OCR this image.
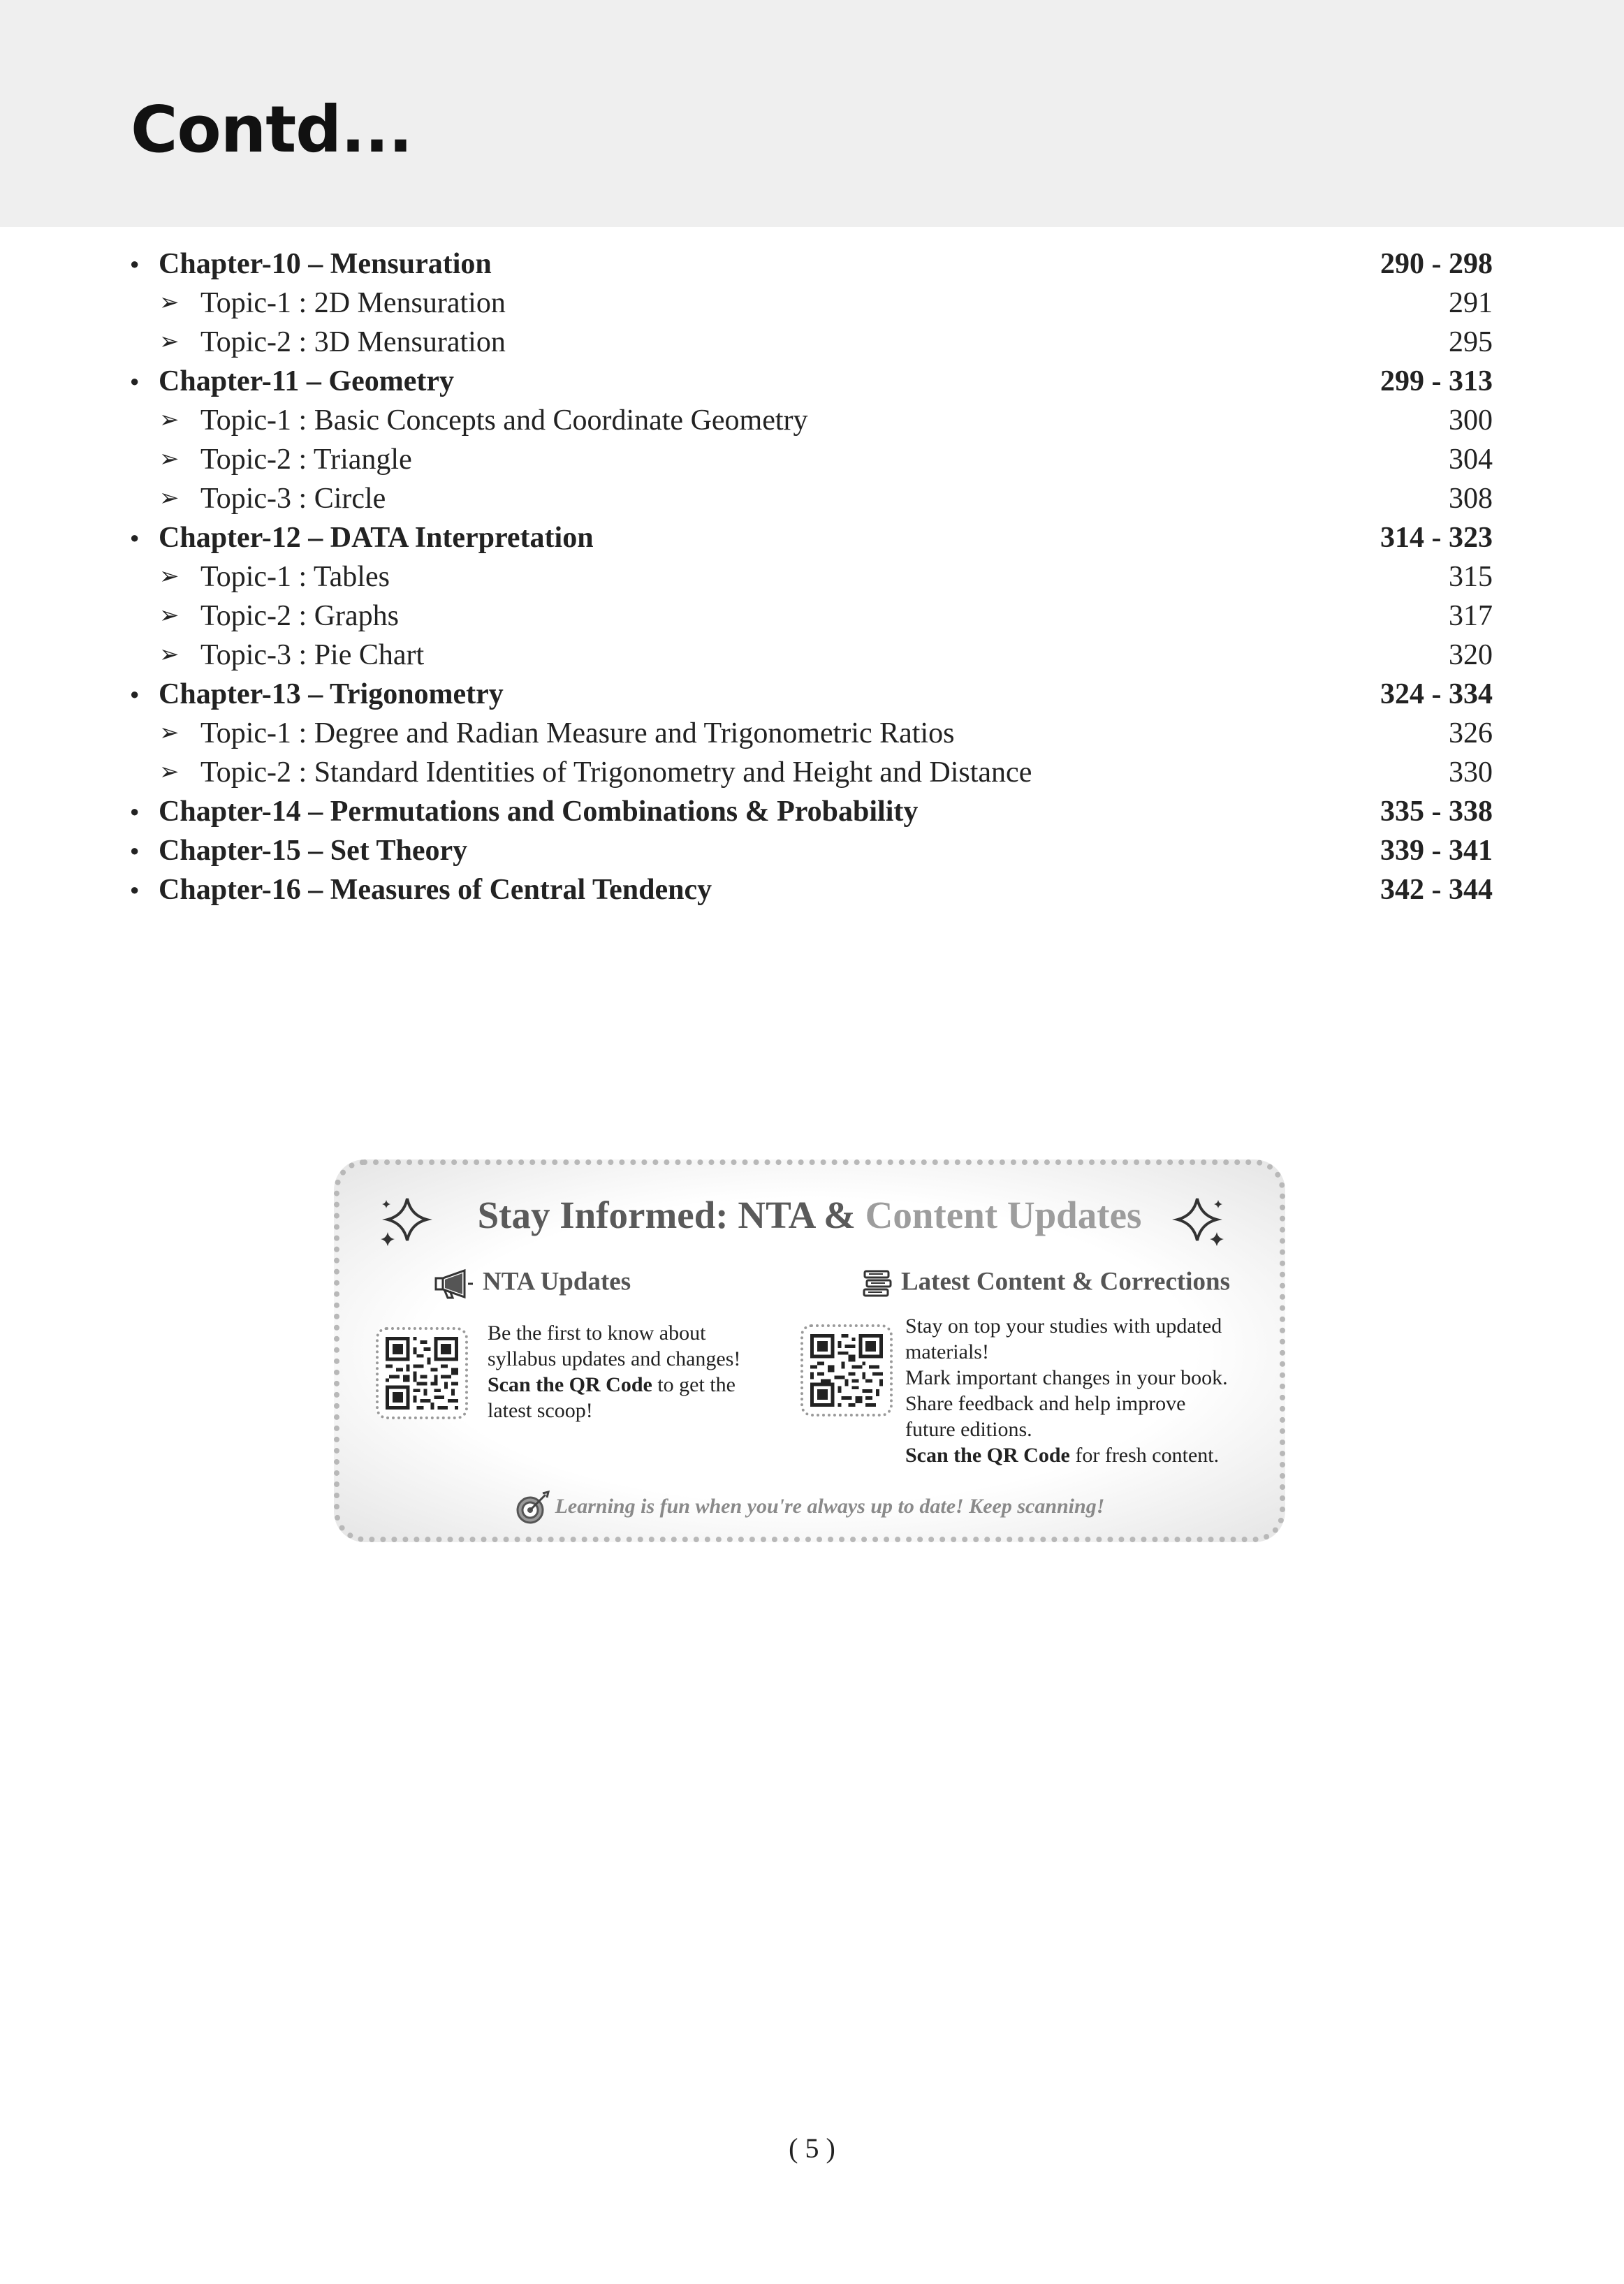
Contd...
● Chapter-10 – Mensuration	290 - 298
➢ Topic-1 : 2D Mensuration	291
➢ Topic-2 : 3D Mensuration	295
● Chapter-11 – Geometry	299 - 313
➢ Topic-1 : Basic Concepts and Coordinate Geometry	300
➢ Topic-2 : Triangle	304
➢ Topic-3 : Circle	308
● Chapter-12 – DATA Interpretation	314 - 323
➢ Topic-1 : Tables	315
➢ Topic-2 : Graphs	317
➢ Topic-3 : Pie Chart	320
● Chapter-13 – Trigonometry	324 - 334
➢ Topic-1 : Degree and Radian Measure and Trigonometric Ratios	326
➢ Topic-2 : Standard Identities of Trigonometry and Height and Distance	330
● Chapter-14 – Permutations and Combinations & Probability	335 - 338
● Chapter-15 – Set Theory	339 - 341
● Chapter-16 – Measures of Central Tendency	342 - 344
Stay Informed: NTA & Content Updates
NTA Updates

Be the first to know about

syllabus updates and changes!

Scan the QR Code to get the

latest scoop!

Latest Content & Corrections

Stay on top your studies with updated

materials!

Mark important changes in your book.

Share feedback and help improve

future editions.

Scan the QR Code for fresh content.

Learning is fun when you're always up to date! Keep scanning!
( 5 )
